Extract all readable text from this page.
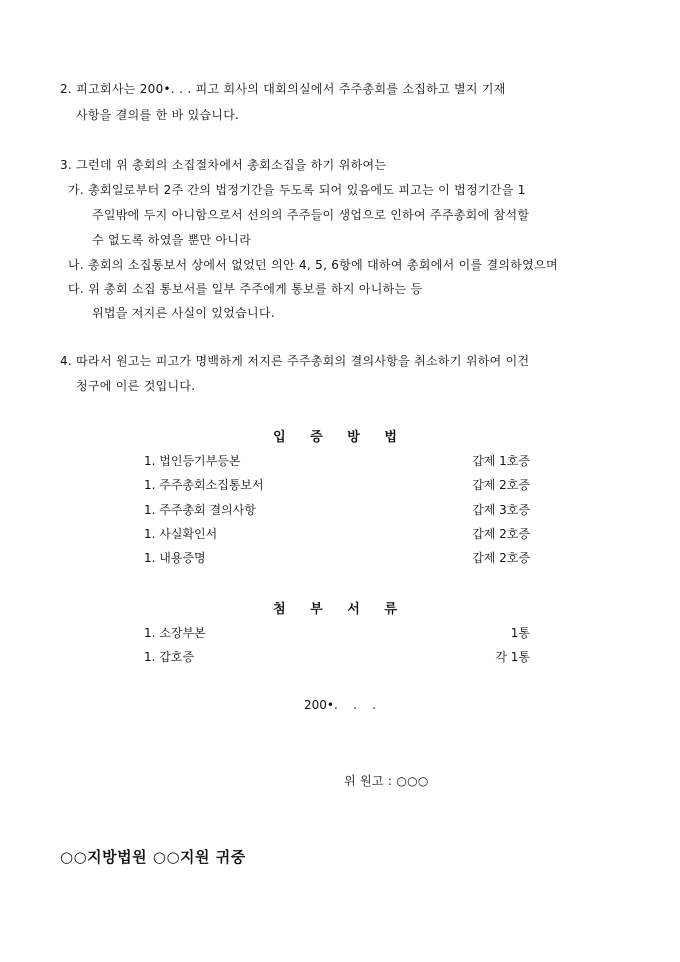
2. 피고회사는 200•. . . 피고 회사의 대회의실에서 주주총회를 소집하고 별지 기재
사항을 결의를 한 바 있습니다.
3. 그런데 위 총회의 소집절차에서 총회소집을 하기 위하여는
가. 총회일로부터 2주 간의 법정기간을 두도록 되어 있음에도 피고는 이 법정기간을 1
주일밖에 두지 아니함으로서 선의의 주주들이 생업으로 인하여 주주총회에 참석할
수 없도록 하였을 뿐만 아니라
나. 총회의 소집통보서 상에서 없었던 의안 4, 5, 6항에 대하여 총회에서 이를 결의하였으며
다. 위 총회 소집 통보서를 일부 주주에게 통보를 하지 아니하는 등
위법을 저지른 사실이 있었습니다.
4. 따라서 원고는 피고가 명백하게 저지른 주주총회의 결의사항을 취소하기 위하여 이건
청구에 이른 것입니다.
입 증 방 법
1. 법인등기부등본	갑제 1호증
1. 주주총회소집통보서	갑제 2호증
1. 주주총회 결의사항	갑제 3호증
1. 사실확인서	갑제 2호증
1. 내용증명	갑제 2호증
첨 부 서 류
1. 소장부본	1통
1. 갑호증	각 1통
200•.    .    .
위 원고 : ○○○
○○지방법원 ○○지원 귀중
